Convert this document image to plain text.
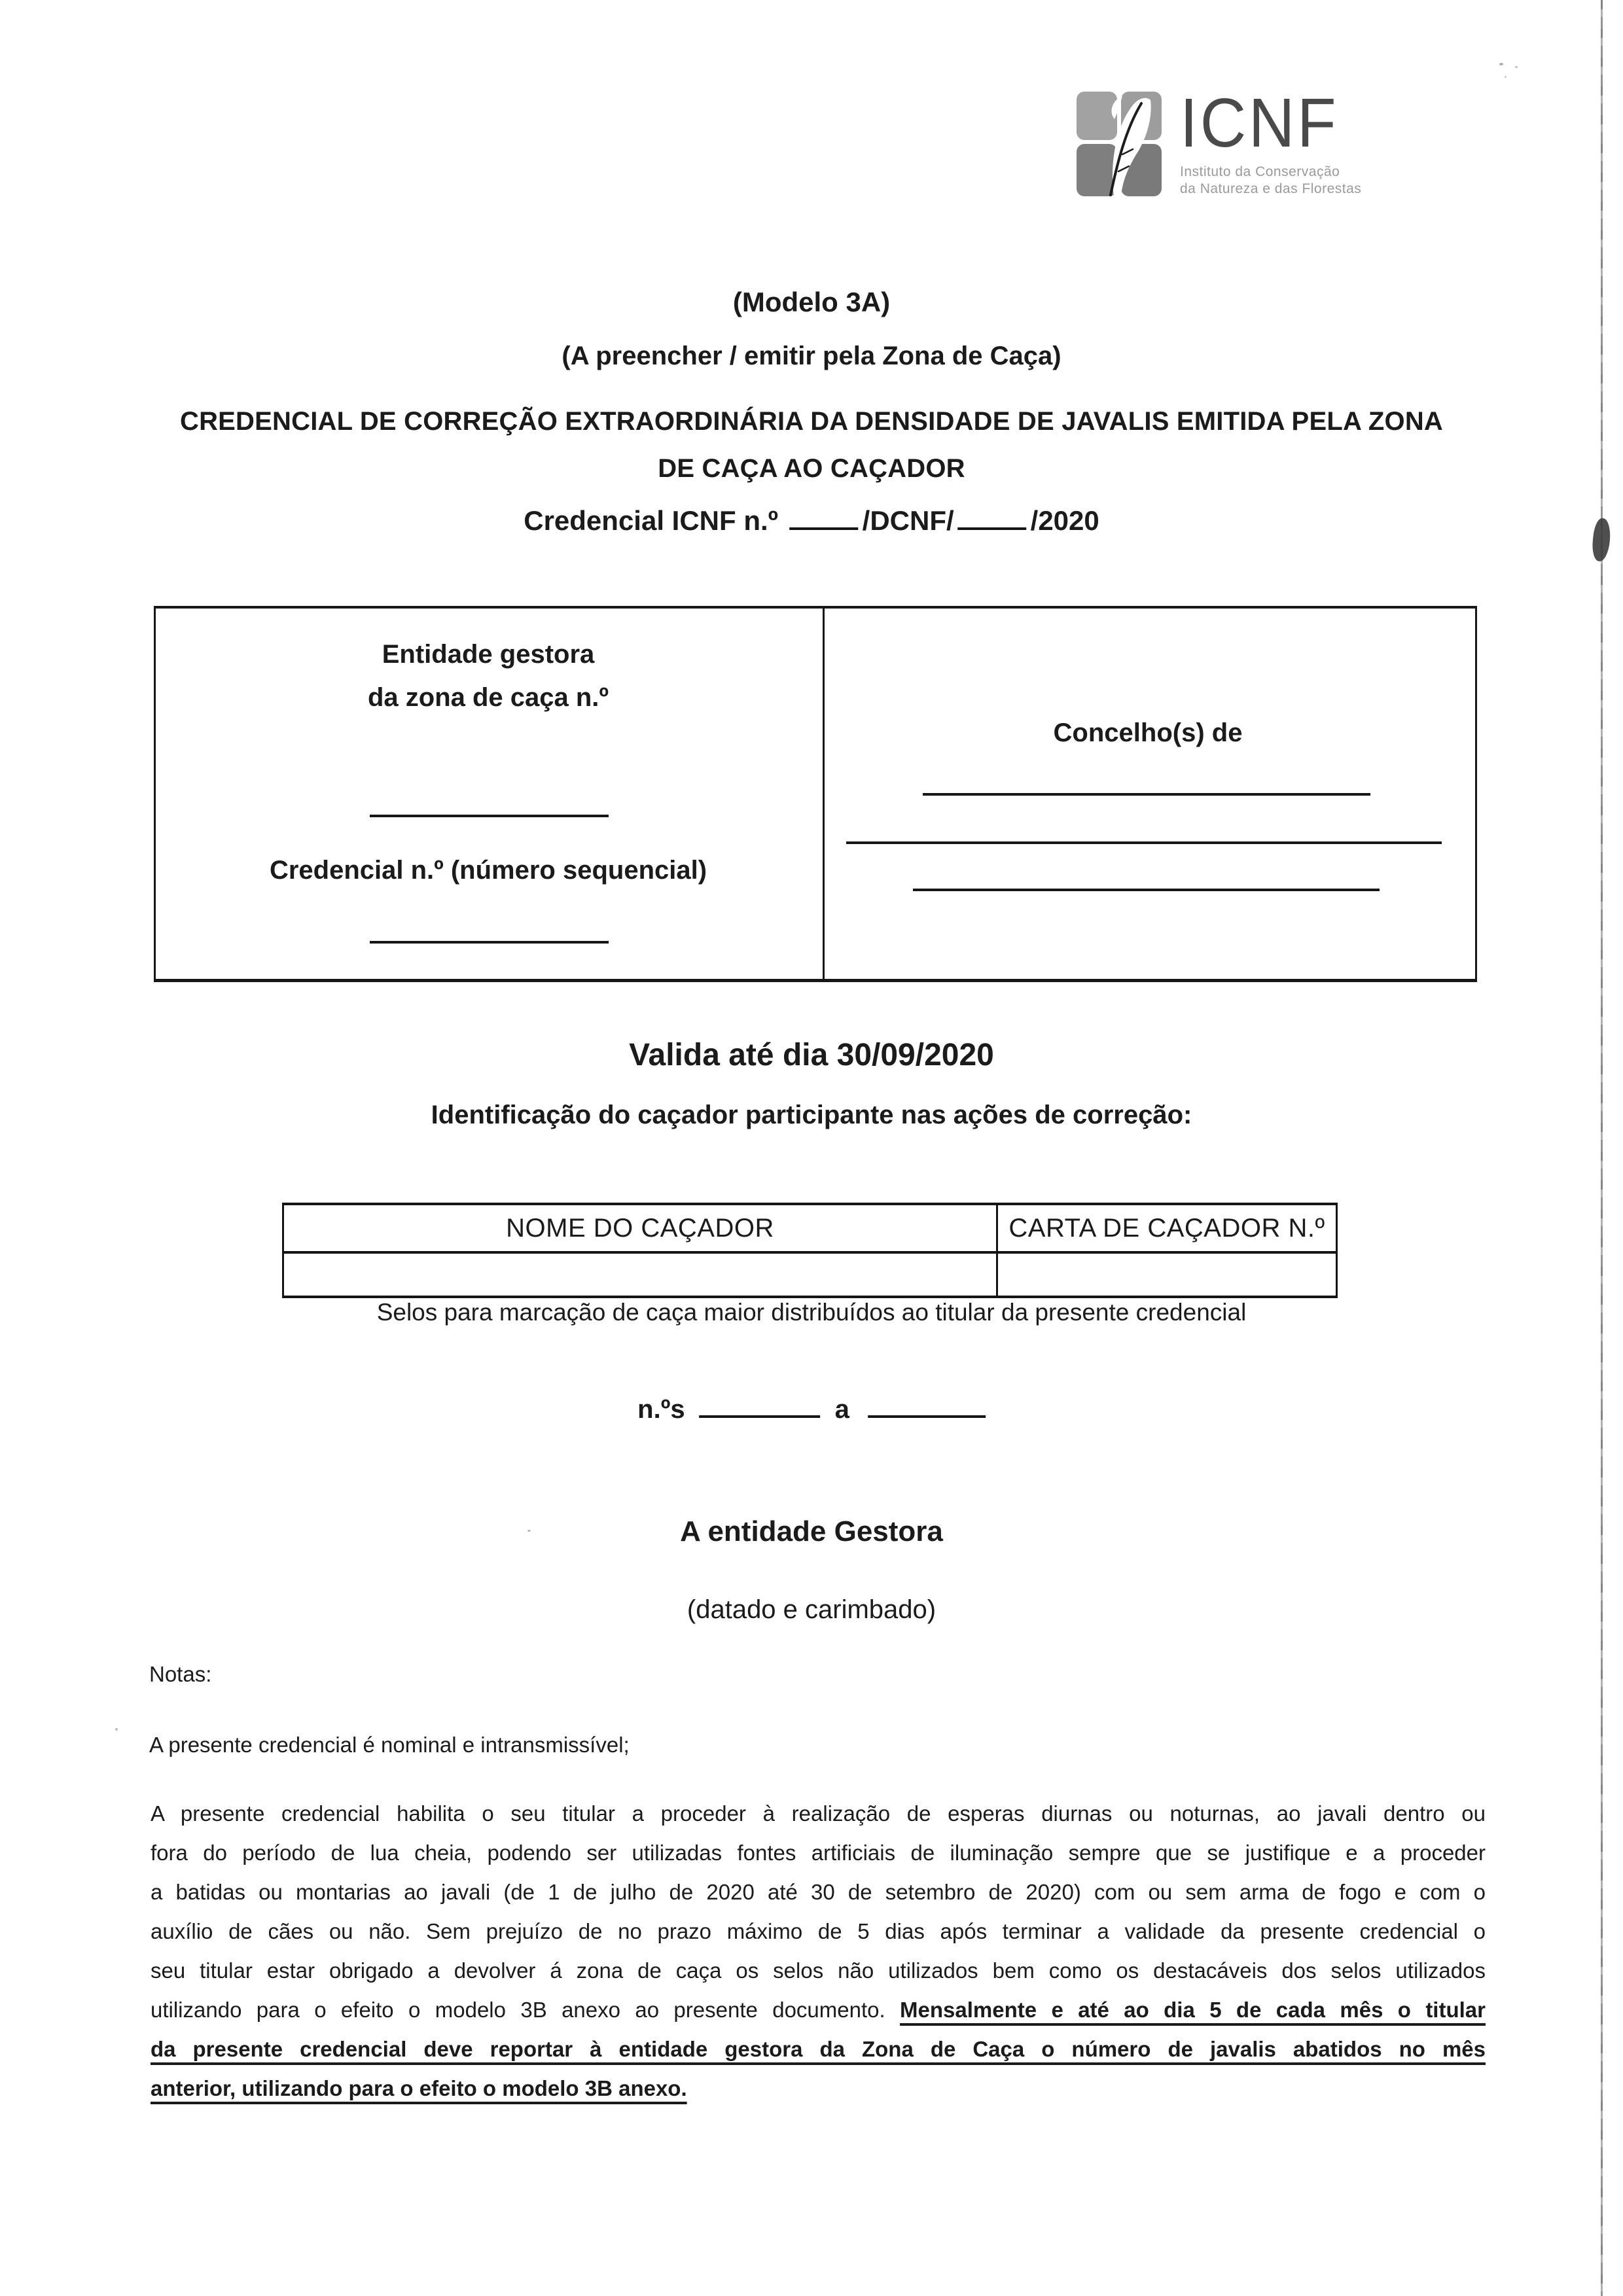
ICNF
Instituto da Conservação
da Natureza e das Florestas
(Modelo 3A)
(A preencher / emitir pela Zona de Caça)
CREDENCIAL DE CORREÇÃO EXTRAORDINÁRIA DA DENSIDADE DE JAVALIS EMITIDA PELA ZONA
DE CAÇA AO CAÇADOR
Credencial ICNF n.º	/DCNF/	/2020
Entidade gestora
da zona de caça n.º
Credencial n.º (número sequencial)
Concelho(s) de
Valida até dia 30/09/2020
Identificação do caçador participante nas ações de correção:
NOME DO CAÇADOR	CARTA DE CAÇADOR N.º
Selos para marcação de caça maior distribuídos ao titular da presente credencial
n.ºs	a
A entidade Gestora
(datado e carimbado)
Notas:
A presente credencial é nominal e intransmissível;
A presente credencial habilita o seu titular a proceder à realização de esperas diurnas ou noturnas, ao javali dentro ou
fora do período de lua cheia, podendo ser utilizadas fontes artificiais de iluminação sempre que se justifique e a proceder
a batidas ou montarias ao javali (de 1 de julho de 2020 até 30 de setembro de 2020) com ou sem arma de fogo e com o
auxílio de cães ou não. Sem prejuízo de no prazo máximo de 5 dias após terminar a validade da presente credencial o
seu titular estar obrigado a devolver á zona de caça os selos não utilizados bem como os destacáveis dos selos utilizados
utilizando para o efeito o modelo 3B anexo ao presente documento. Mensalmente e até ao dia 5 de cada mês o titular
da presente credencial deve reportar à entidade gestora da Zona de Caça o número de javalis abatidos no mês
anterior, utilizando para o efeito o modelo 3B anexo.
